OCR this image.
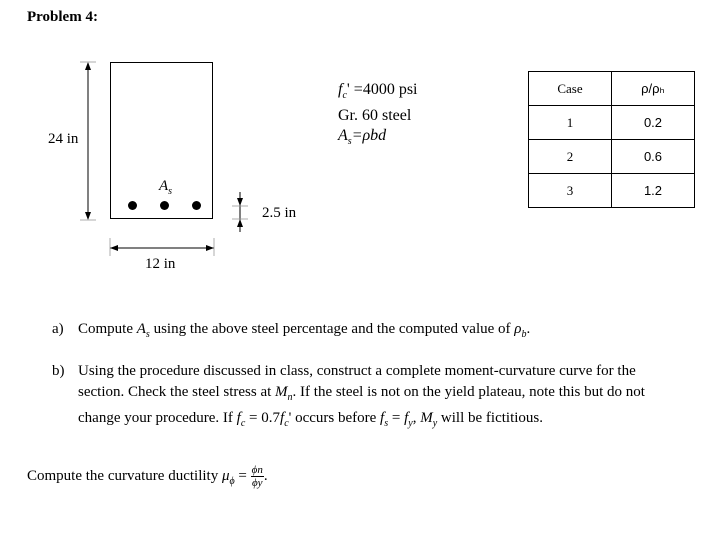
Problem 4:
24 in
12 in
2.5 in
$A_s$
$f_c' =4000$ psi
Gr. 60 steel
$A_s=\rho bd$
Case	ρ/ρₕ
1	0.2
2	0.6
3	1.2
a) Compute $A_s$ using the above steel percentage and the computed value of $\rho_b$.
b) Using the procedure discussed in class, construct a complete moment-curvature curve for the
section. Check the steel stress at $M_n$. If the steel is not on the yield plateau, note this but do not
change your procedure. If $f_c = 0.7f_c'$ occurs before $f_s = f_y$, $M_y$ will be fictitious.
Compute the curvature ductility $\mu_\phi = \frac{\phi n}{\phi y}$ .
